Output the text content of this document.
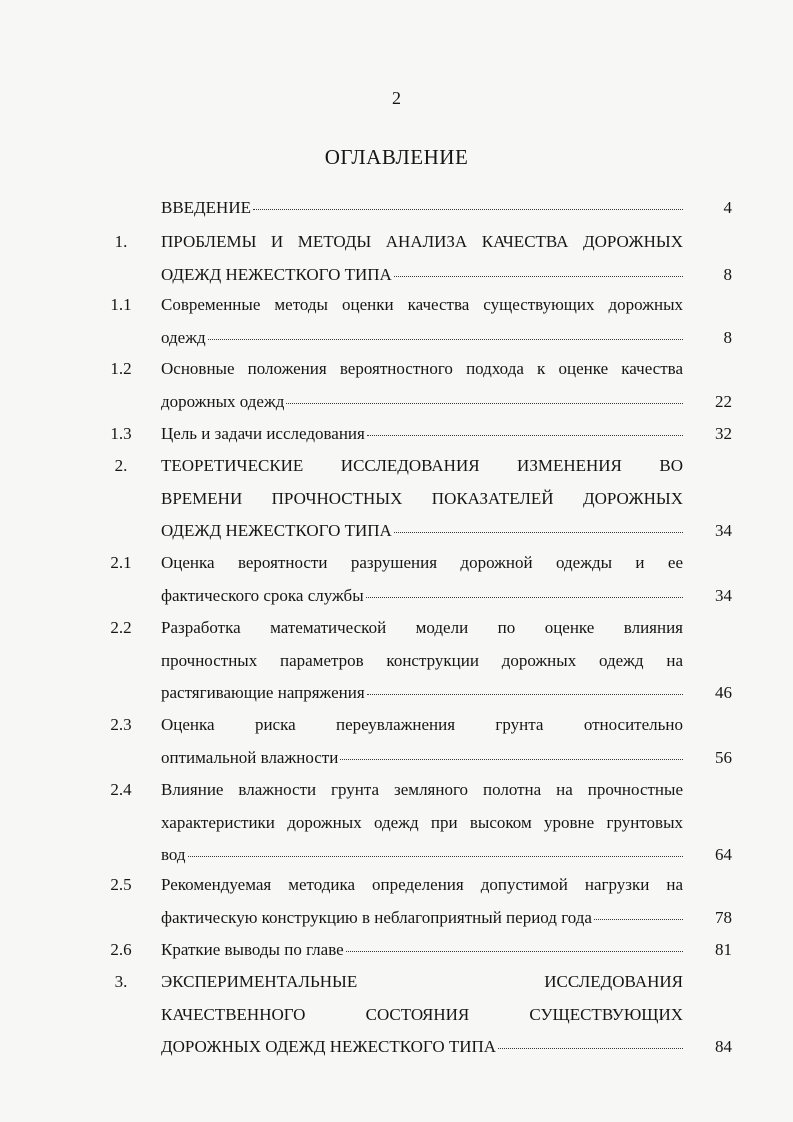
2
ОГЛАВЛЕНИЕ
ВВЕДЕНИЕ	4
1.	ПРОБЛЕМЫ И МЕТОДЫ АНАЛИЗА КАЧЕСТВА ДОРОЖНЫХ
ОДЕЖД НЕЖЕСТКОГО ТИПА	8
1.1	Современные методы оценки качества существующих дорожных
одежд	8
1.2	Основные положения вероятностного подхода к оценке качества
дорожных одежд	22
1.3	Цель и задачи исследования	32
2.	ТЕОРЕТИЧЕСКИЕ ИССЛЕДОВАНИЯ ИЗМЕНЕНИЯ ВО
ВРЕМЕНИ ПРОЧНОСТНЫХ ПОКАЗАТЕЛЕЙ ДОРОЖНЫХ
ОДЕЖД НЕЖЕСТКОГО ТИПА	34
2.1	Оценка вероятности разрушения дорожной одежды и ее
фактического срока службы	34
2.2	Разработка математической модели по оценке влияния
прочностных параметров конструкции дорожных одежд на
растягивающие напряжения	46
2.3	Оценка риска переувлажнения грунта относительно
оптимальной влажности	56
2.4	Влияние влажности грунта земляного полотна на прочностные
характеристики дорожных одежд при высоком уровне грунтовых
вод	64
2.5	Рекомендуемая методика определения допустимой нагрузки на
фактическую конструкцию в неблагоприятный период года	78
2.6	Краткие выводы по главе	81
3.	ЭКСПЕРИМЕНТАЛЬНЫЕ ИССЛЕДОВАНИЯ
КАЧЕСТВЕННОГО СОСТОЯНИЯ СУЩЕСТВУЮЩИХ
ДОРОЖНЫХ ОДЕЖД НЕЖЕСТКОГО ТИПА	84
